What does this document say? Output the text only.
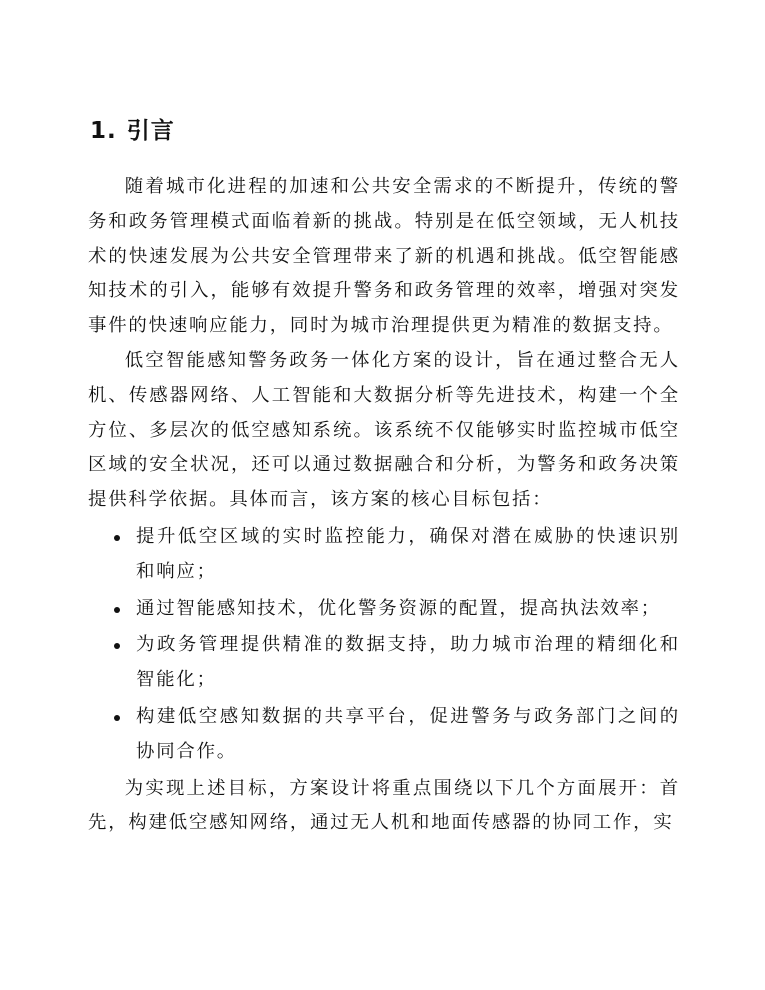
1. 引言

随着城市化进程的加速和公共安全需求的不断提升，传统的警务和政务管理模式面临着新的挑战。特别是在低空领域，无人机技术的快速发展为公共安全管理带来了新的机遇和挑战。低空智能感知技术的引入，能够有效提升警务和政务管理的效率，增强对突发事件的快速响应能力，同时为城市治理提供更为精准的数据支持。

低空智能感知警务政务一体化方案的设计，旨在通过整合无人机、传感器网络、人工智能和大数据分析等先进技术，构建一个全方位、多层次的低空感知系统。该系统不仅能够实时监控城市低空区域的安全状况，还可以通过数据融合和分析，为警务和政务决策提供科学依据。具体而言，该方案的核心目标包括：

提升低空区域的实时监控能力，确保对潜在威胁的快速识别和响应；
通过智能感知技术，优化警务资源的配置，提高执法效率；
为政务管理提供精准的数据支持，助力城市治理的精细化和智能化；
构建低空感知数据的共享平台，促进警务与政务部门之间的协同合作。

为实现上述目标，方案设计将重点围绕以下几个方面展开：首先，构建低空感知网络，通过无人机和地面传感器的协同工作，实
